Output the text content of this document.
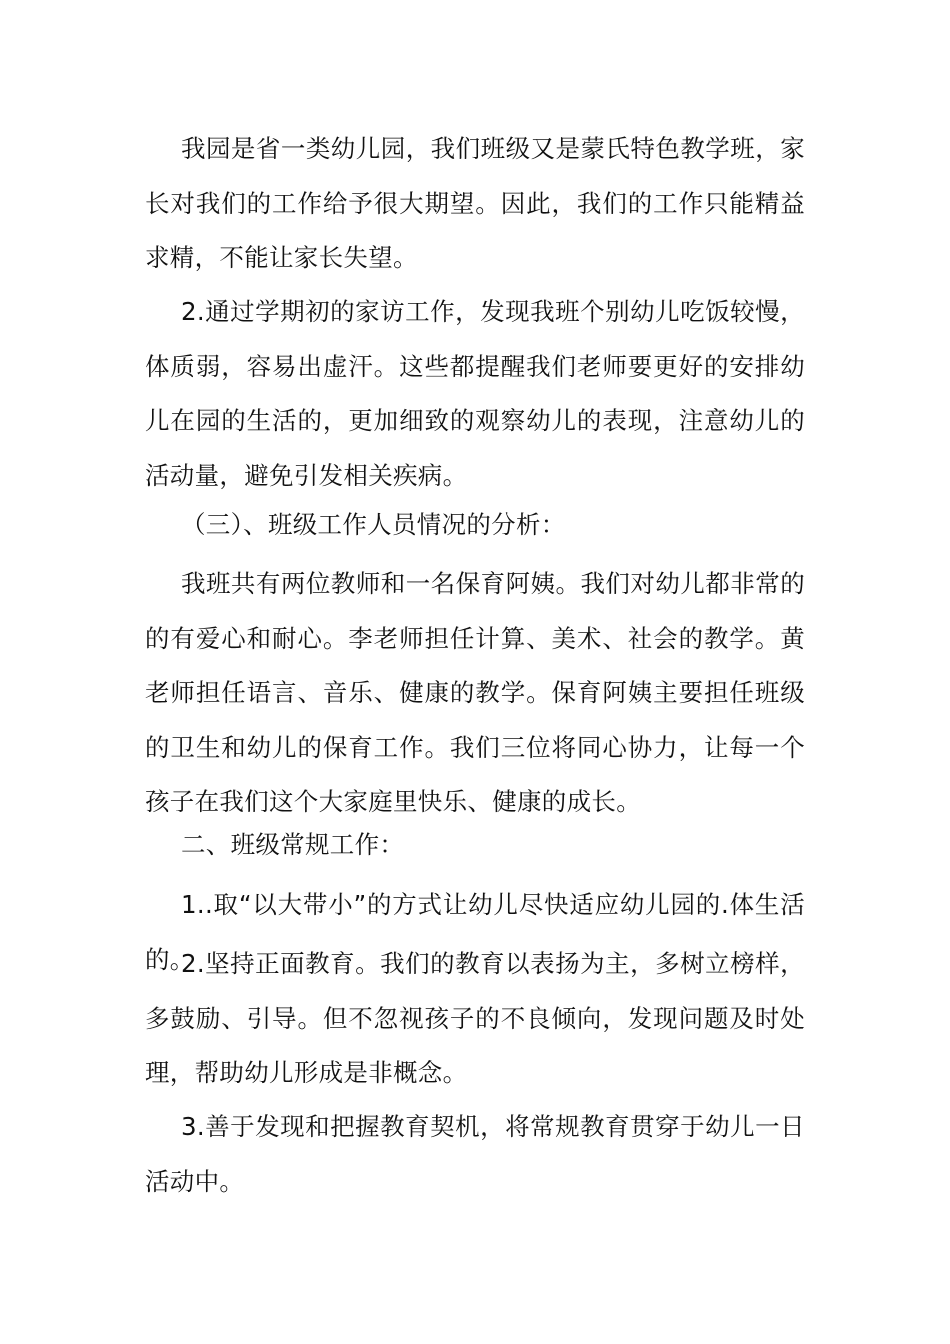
我园是省一类幼儿园，我们班级又是蒙氏特色教学班，家长对我们的工作给予很大期望。因此，我们的工作只能精益求精，不能让家长失望。

2.通过学期初的家访工作，发现我班个别幼儿吃饭较慢，体质弱，容易出虚汗。这些都提醒我们老师要更好的安排幼儿在园的生活的，更加细致的观察幼儿的表现，注意幼儿的活动量，避免引发相关疾病。

（三）、班级工作人员情况的分析：

我班共有两位教师和一名保育阿姨。我们对幼儿都非常的的有爱心和耐心。李老师担任计算、美术、社会的教学。黄老师担任语言、音乐、健康的教学。保育阿姨主要担任班级的卫生和幼儿的保育工作。我们三位将同心协力，让每一个孩子在我们这个大家庭里快乐、健康的成长。

二、班级常规工作：

1..取“以大带小”的方式让幼儿尽快适应幼儿园的.体生活的。

2.坚持正面教育。我们的教育以表扬为主，多树立榜样，多鼓励、引导。但不忽视孩子的不良倾向，发现问题及时处理，帮助幼儿形成是非概念。

3.善于发现和把握教育契机，将常规教育贯穿于幼儿一日活动中。
